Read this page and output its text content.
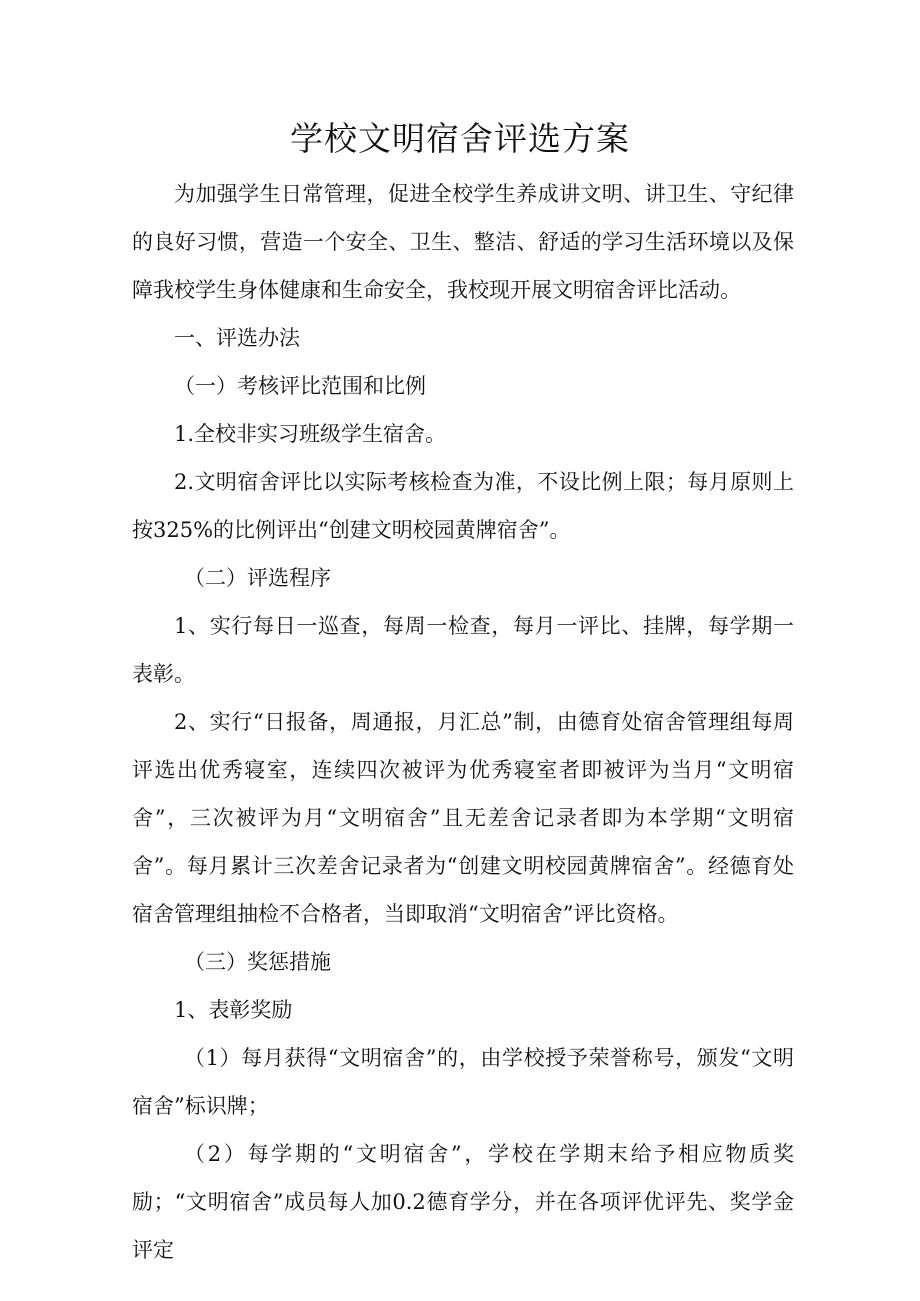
学校文明宿舍评选方案

为加强学生日常管理，促进全校学生养成讲文明、讲卫生、守纪律的良好习惯，营造一个安全、卫生、整洁、舒适的学习生活环境以及保障我校学生身体健康和生命安全，我校现开展文明宿舍评比活动。

一、评选办法

（一）考核评比范围和比例

1.全校非实习班级学生宿舍。

2.文明宿舍评比以实际考核检查为准，不设比例上限；每月原则上按325%的比例评出“创建文明校园黄牌宿舍”。

（二）评选程序

1、实行每日一巡查，每周一检查，每月一评比、挂牌，每学期一表彰。

2、实行“日报备，周通报，月汇总”制，由德育处宿舍管理组每周评选出优秀寝室，连续四次被评为优秀寝室者即被评为当月“文明宿舍”，三次被评为月“文明宿舍”且无差舍记录者即为本学期“文明宿舍”。每月累计三次差舍记录者为“创建文明校园黄牌宿舍”。经德育处宿舍管理组抽检不合格者，当即取消“文明宿舍”评比资格。

（三）奖惩措施

1、表彰奖励

（1）每月获得“文明宿舍”的，由学校授予荣誉称号，颁发“文明宿舍”标识牌；

（2）每学期的“文明宿舍”，学校在学期末给予相应物质奖励；“文明宿舍”成员每人加0.2德育学分，并在各项评优评先、奖学金评定
